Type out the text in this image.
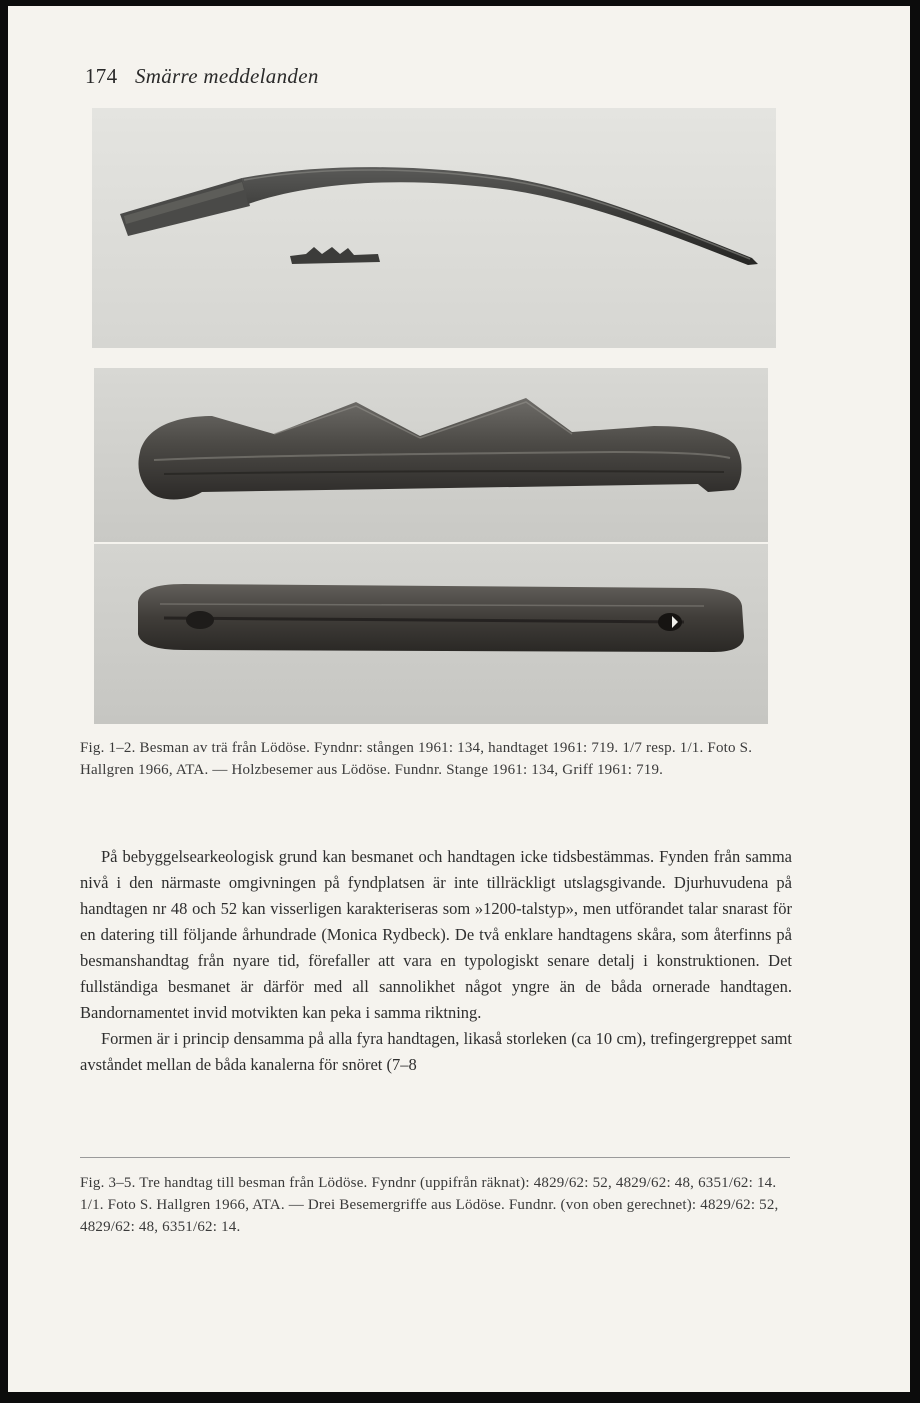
174 Smärre meddelanden
Fig. 1–2. Besman av trä från Lödöse. Fyndnr: stången 1961: 134, handtaget 1961: 719. 1/7 resp. 1/1. Foto S. Hallgren 1966, ATA. — Holzbesemer aus Lödöse. Fundnr. Stange 1961: 134, Griff 1961: 719.

På bebyggelsearkeologisk grund kan besmanet och handtagen icke tidsbestämmas. Fynden från samma nivå i den närmaste omgivningen på fyndplatsen är inte tillräckligt utslagsgivande. Djurhuvudena på handtagen nr 48 och 52 kan visserligen karakteriseras som »1200-talstyp», men utförandet talar snarast för en datering till följande århundrade (Monica Rydbeck). De två enklare handtagens skåra, som återfinns på besmanshandtag från nyare tid, förefaller att vara en typologiskt senare detalj i konstruktionen. Det fullständiga besmanet är därför med all sannolikhet något yngre än de båda ornerade handtagen. Bandornamentet invid motvikten kan peka i samma riktning.

Formen är i princip densamma på alla fyra handtagen, likaså storleken (ca 10 cm), trefingergreppet samt avståndet mellan de båda kanalerna för snöret (7–8

Fig. 3–5. Tre handtag till besman från Lödöse. Fyndnr (uppifrån räknat): 4829/62: 52, 4829/62: 48, 6351/62: 14. 1/1. Foto S. Hallgren 1966, ATA. — Drei Besemergriffe aus Lödöse. Fundnr. (von oben gerechnet): 4829/62: 52, 4829/62: 48, 6351/62: 14.
